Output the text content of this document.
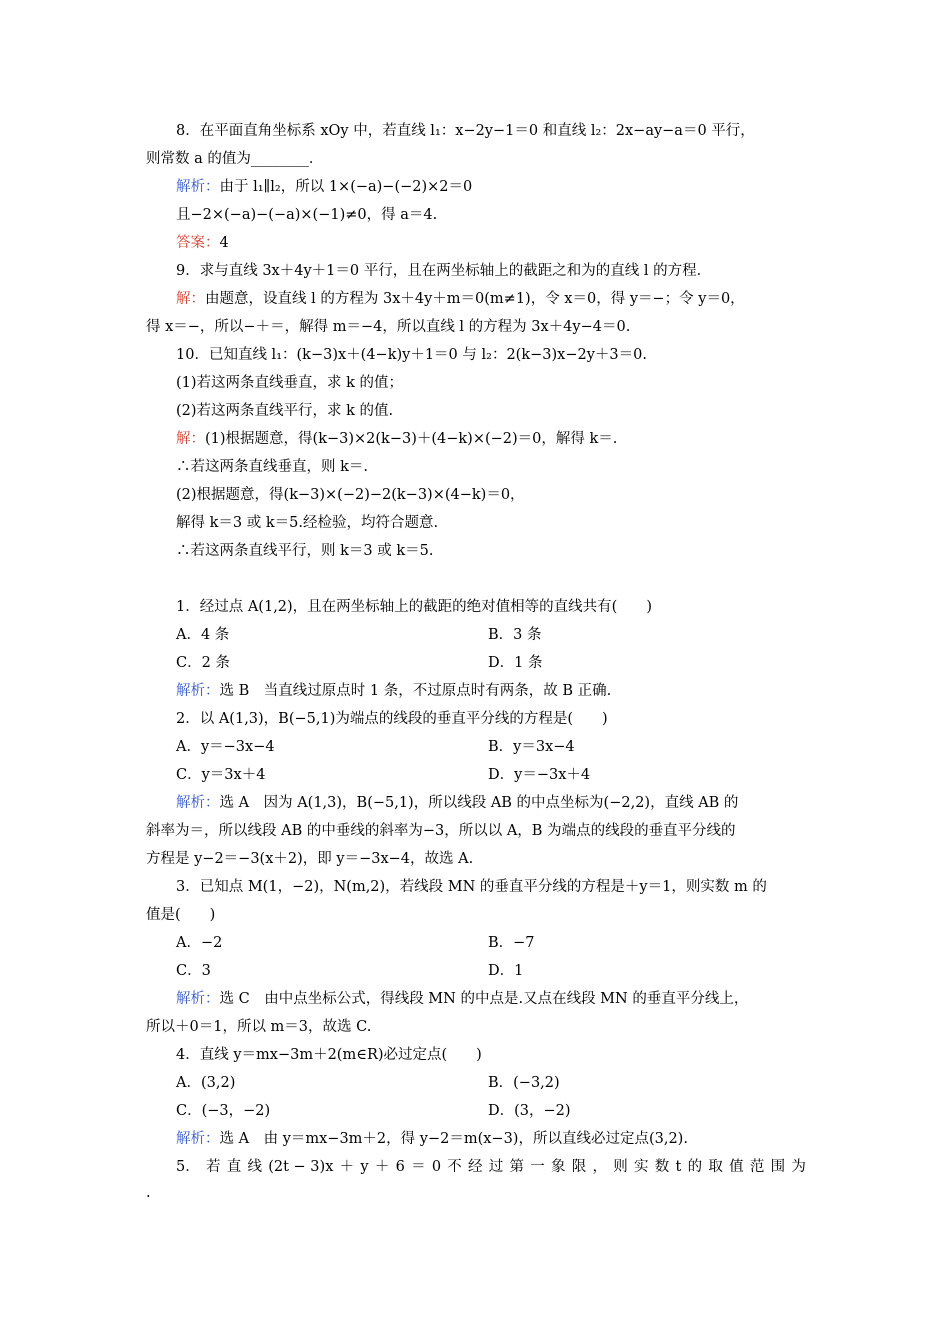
8．在平面直角坐标系 xOy 中，若直线 l₁：x−2y−1＝0 和直线 l₂：2x−ay−a＝0 平行，
则常数 a 的值为________．
解析：由于 l₁∥l₂，所以 1×(−a)−(−2)×2＝0
且−2×(−a)−(−a)×(−1)≠0，得 a＝4.
答案：4
9．求与直线 3x＋4y＋1＝0 平行，且在两坐标轴上的截距之和为的直线 l 的方程．
解：由题意，设直线 l 的方程为 3x＋4y＋m＝0(m≠1)，令 x＝0，得 y＝−；令 y＝0，
得 x＝−，所以−＋＝，解得 m＝−4，所以直线 l 的方程为 3x＋4y−4＝0.
10．已知直线 l₁：(k−3)x＋(4−k)y＋1＝0 与 l₂：2(k−3)x−2y＋3＝0.
(1)若这两条直线垂直，求 k 的值；
(2)若这两条直线平行，求 k 的值.
解：(1)根据题意，得(k−3)×2(k−3)＋(4−k)×(−2)＝0，解得 k＝.
∴若这两条直线垂直，则 k＝.
(2)根据题意，得(k−3)×(−2)−2(k−3)×(4−k)＝0，
解得 k＝3 或 k＝5.经检验，均符合题意.
∴若这两条直线平行，则 k＝3 或 k＝5.
1．经过点 A(1,2)，且在两坐标轴上的截距的绝对值相等的直线共有(　　)
A．4 条	B．3 条
C．2 条	D．1 条
解析：选 B　当直线过原点时 1 条，不过原点时有两条，故 B 正确.
2．以 A(1,3)，B(−5,1)为端点的线段的垂直平分线的方程是(　　)
A．y＝−3x−4	B．y＝3x−4
C．y＝3x＋4	D．y＝−3x＋4
解析：选 A　因为 A(1,3)，B(−5,1)，所以线段 AB 的中点坐标为(−2,2)，直线 AB 的
斜率为＝，所以线段 AB 的中垂线的斜率为−3，所以以 A，B 为端点的线段的垂直平分线的
方程是 y−2＝−3(x＋2)，即 y＝−3x−4，故选 A.
3．已知点 M(1，−2)，N(m,2)，若线段 MN 的垂直平分线的方程是＋y＝1，则实数 m 的
值是(　　)
A．−2	B．−7
C．3	D．1
解析：选 C　由中点坐标公式，得线段 MN 的中点是.又点在线段 MN 的垂直平分线上，
所以＋0＝1，所以 m＝3，故选 C.
4．直线 y＝mx−3m＋2(m∈R)必过定点(　　)
A．(3,2)	B．(−3,2)
C．(−3，−2)	D．(3，−2)
解析：选 A　由 y＝mx−3m＋2，得 y−2＝m(x−3)，所以直线必过定点(3,2).
5． 若 直 线 (2t − 3)x ＋ y ＋ 6 ＝ 0 不 经 过 第 一 象 限 ， 则 实 数 t 的 取 值 范 围 为
.
